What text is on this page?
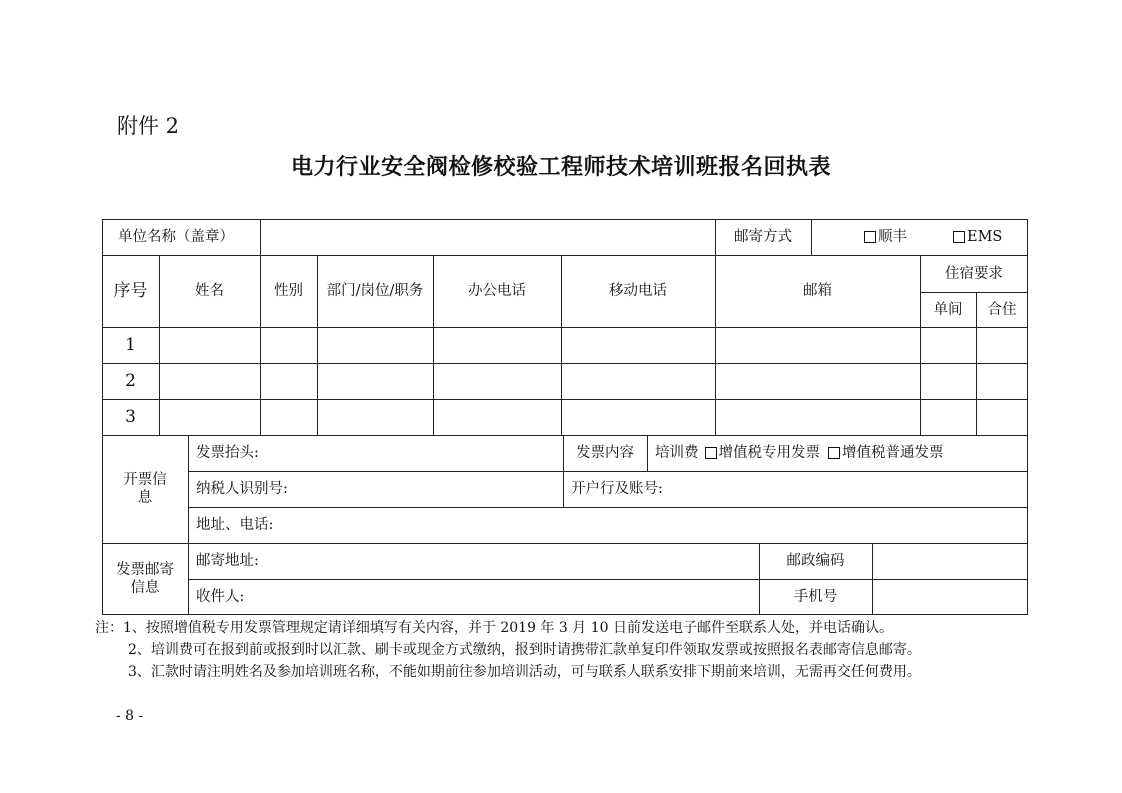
附件 2
电力行业安全阀检修校验工程师技术培训班报名回执表
单位名称（盖章）	邮寄方式	顺丰	EMS
序号	姓名	性别	部门/岗位/职务	办公电话	移动电话	邮箱
住宿要求
单间	合住
1
2
3
开票信息
发票抬头:	发票内容	培训费 增值税专用发票 增值税普通发票
纳税人识别号:	开户行及账号:
地址、电话:
发票邮寄信息
邮寄地址:	邮政编码
收件人:	手机号
注：1、按照增值税专用发票管理规定请详细填写有关内容，并于 2019 年 3 月 10 日前发送电子邮件至联系人处，并电话确认。
2、培训费可在报到前或报到时以汇款、刷卡或现金方式缴纳，报到时请携带汇款单复印件领取发票或按照报名表邮寄信息邮寄。
3、汇款时请注明姓名及参加培训班名称，不能如期前往参加培训活动，可与联系人联系安排下期前来培训，无需再交任何费用。
- 8 -
